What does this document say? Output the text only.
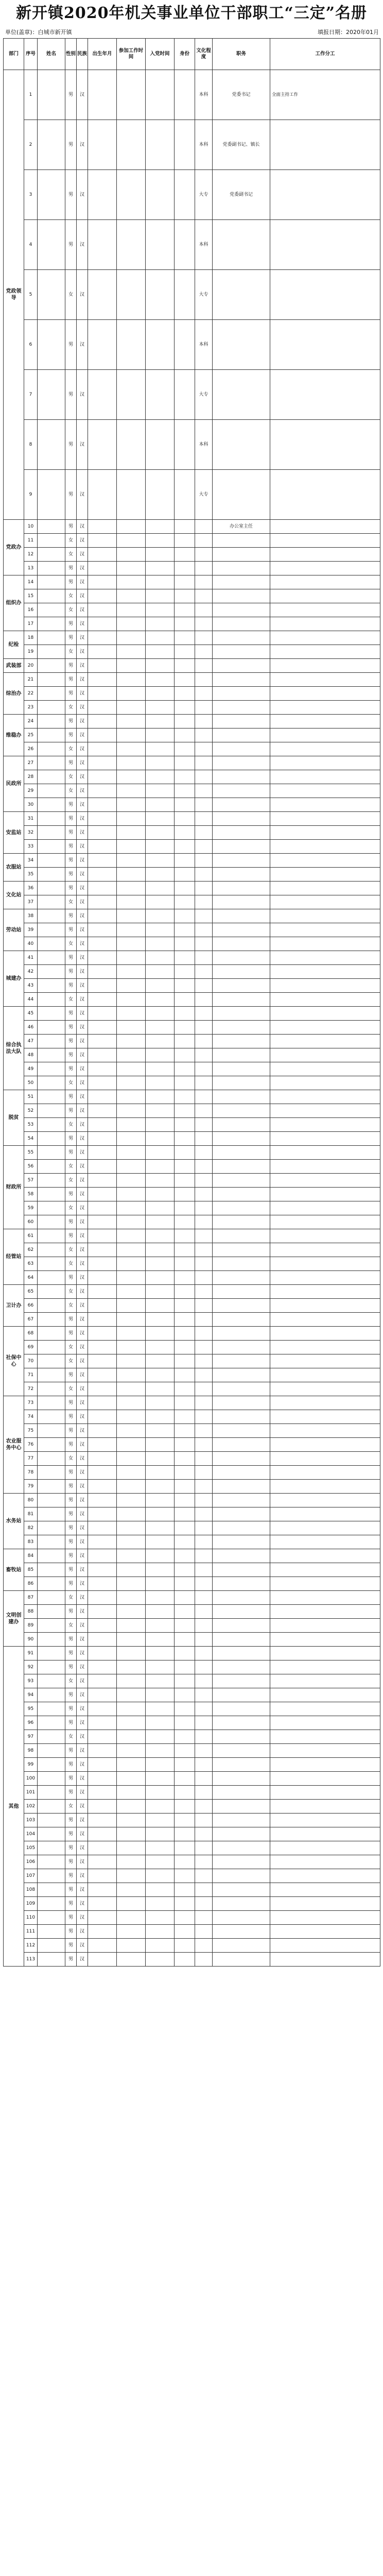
新开镇2020年机关事业单位干部职工“三定”名册
单位(盖章)：白城市新开镇	填报日期：2020年01月
部门	序号	姓名	性别	民族	出生年月	参加工作时间	入党时间	身份	文化程度	职务	工作分工
党政领导	1		男	汉					本科	党委书记	全面主持工作
	2		男	汉					本科	党委副书记、镇长	
	3		男	汉					大专	党委副书记	
	4		男	汉					本科		
	5		女	汉					大专		
	6		男	汉					本科		
	7		男	汉					大专		
	8		男	汉					本科		
	9		男	汉					大专		
党政办	10		男	汉						办公室主任	
	11		女	汉							
	12		女	汉							
	13		男	汉							
组织办	14		男	汉							
	15		女	汉							
	16		女	汉							
	17		男	汉							
纪检	18		男	汉							
	19		女	汉							
武装部	20		男	汉							
综治办	21		男	汉							
	22		男	汉							
	23		女	汉							
维稳办	24		男	汉							
	25		男	汉							
	26		女	汉							
民政所	27		男	汉							
	28		女	汉							
	29		女	汉							
	30		男	汉							
安监站	31		男	汉							
	32		男	汉							
	33		男	汉							
农服站	34		男	汉							
	35		男	汉							
文化站	36		男	汉							
	37		女	汉							
劳动站	38		男	汉							
	39		男	汉							
	40		女	汉							
城建办	41		男	汉							
	42		男	汉							
	43		男	汉							
	44		女	汉							
综合执法大队	45		男	汉							
	46		男	汉							
	47		男	汉							
	48		男	汉							
	49		男	汉							
	50		女	汉							
脱贫	51		男	汉							
	52		男	汉							
	53		女	汉							
	54		男	汉							
财政所	55		男	汉							
	56		女	汉							
	57		女	汉							
	58		男	汉							
	59		女	汉							
	60		男	汉							
经管站	61		男	汉							
	62		女	汉							
	63		女	汉							
	64		男	汉							
卫计办	65		女	汉							
	66		女	汉							
	67		男	汉							
社保中心	68		男	汉							
	69		女	汉							
	70		女	汉							
	71		男	汉							
	72		女	汉							
农业服务中心	73		男	汉							
	74		男	汉							
	75		男	汉							
	76		男	汉							
	77		女	汉							
	78		男	汉							
	79		男	汉							
水务站	80		男	汉							
	81		男	汉							
	82		男	汉							
	83		男	汉							
畜牧站	84		男	汉							
	85		男	汉							
	86		男	汉							
文明创建办	87		女	汉							
	88		男	汉							
	89		女	汉							
	90		男	汉							
其他	91		男	汉							
	92		男	汉							
	93		女	汉							
	94		男	汉							
	95		男	汉							
	96		男	汉							
	97		女	汉							
	98		男	汉							
	99		男	汉							
	100		男	汉							
	101		男	汉							
	102		女	汉							
	103		男	汉							
	104		男	汉							
	105		男	汉							
	106		男	汉							
	107		男	汉							
	108		男	汉							
	109		男	汉							
	110		男	汉							
	111		男	汉							
	112		男	汉							
	113		男	汉							
